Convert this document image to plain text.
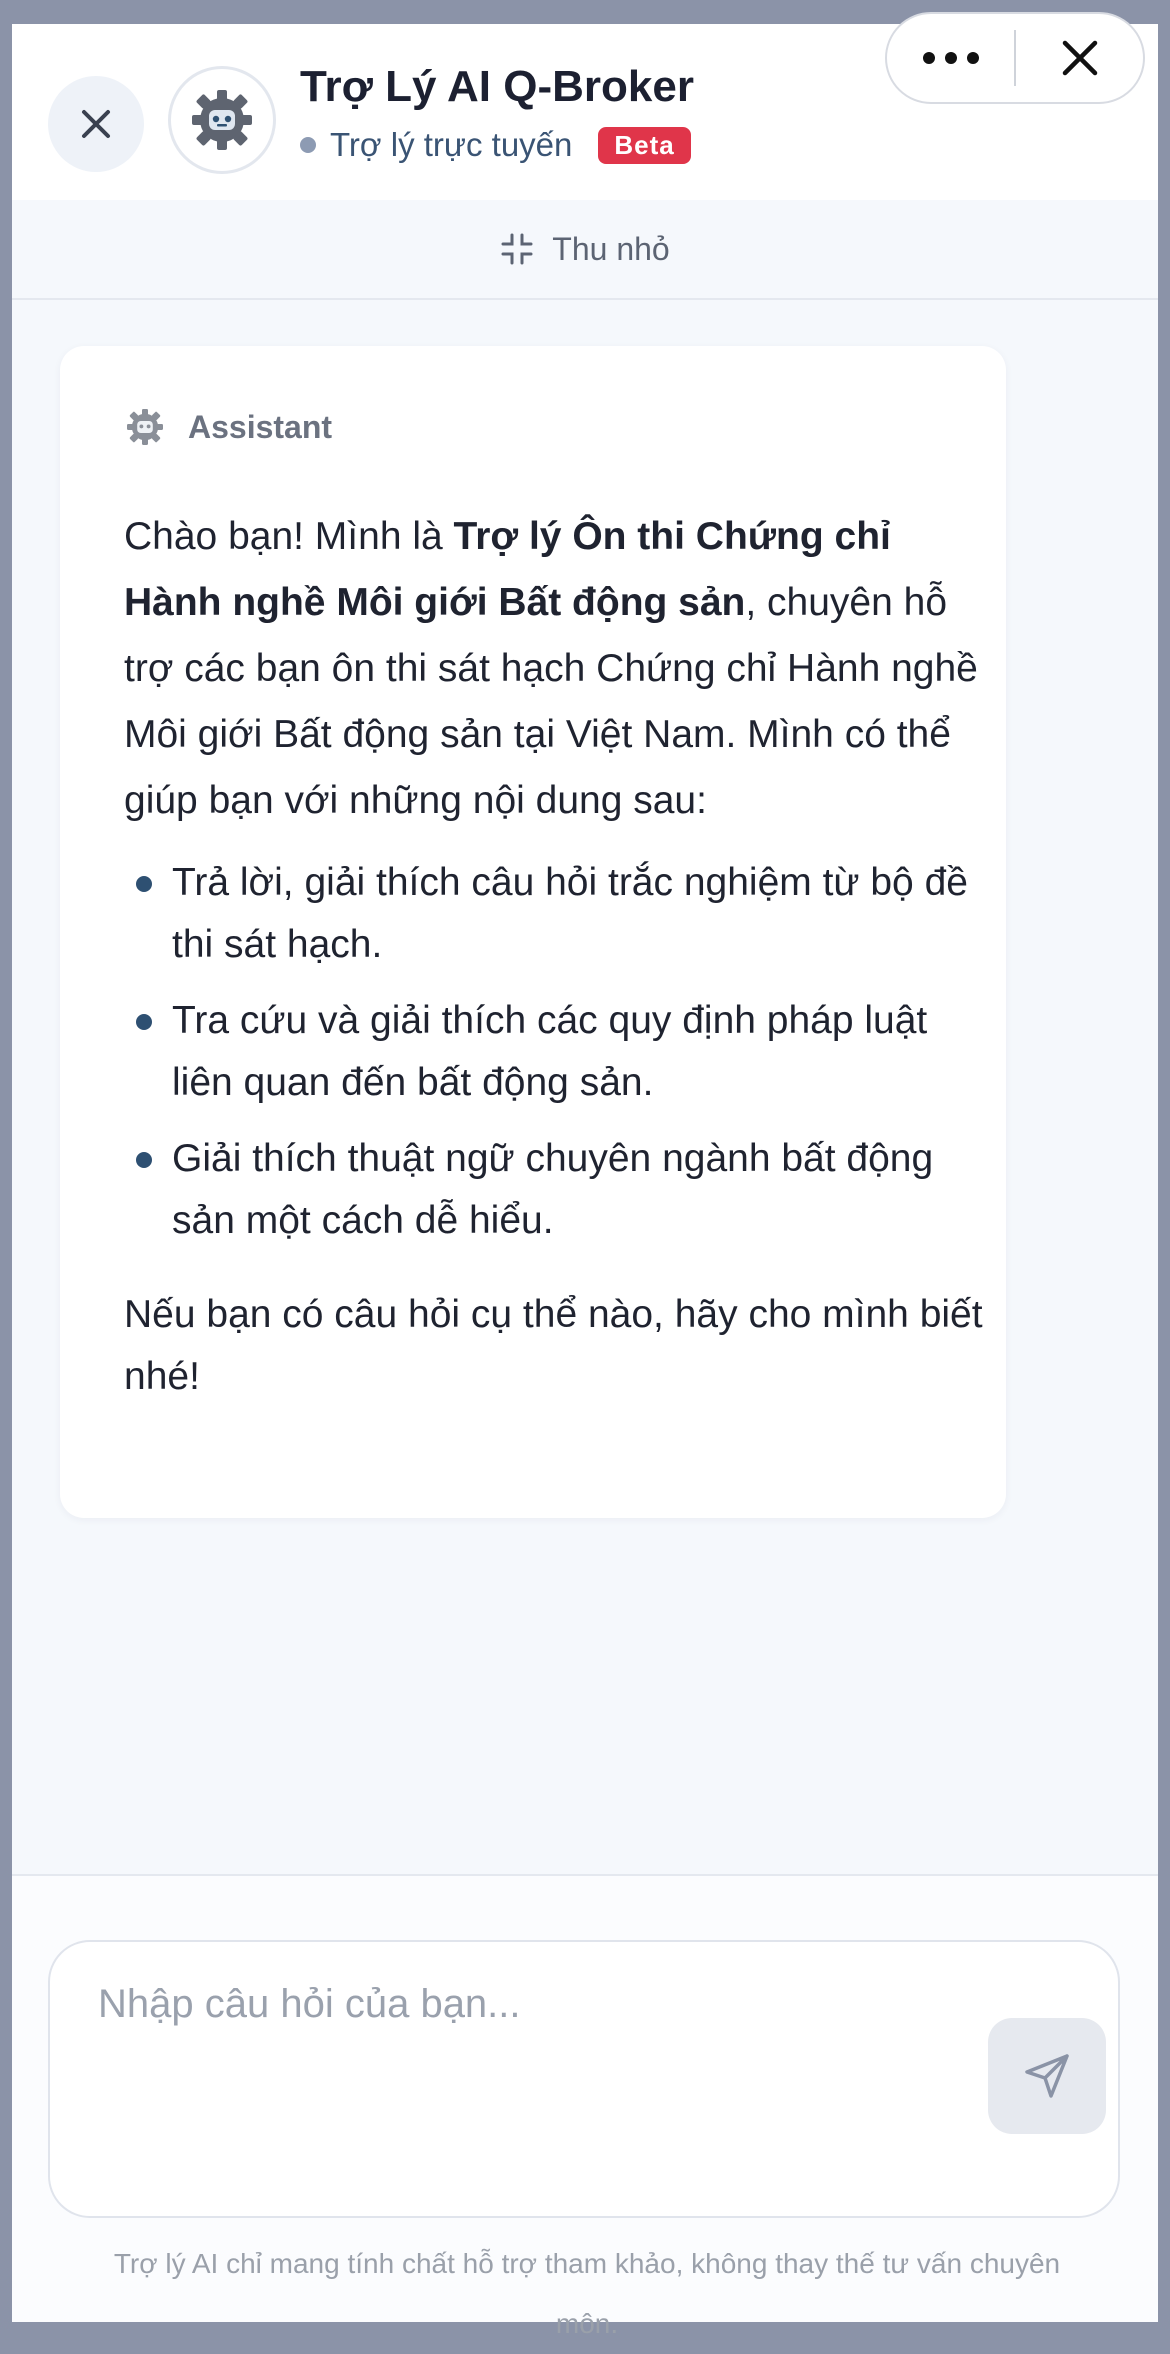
Trợ Lý AI Q-Broker
Trợ lý trực tuyến	Beta
Thu nhỏ
Assistant

Chào bạn! Mình là Trợ lý Ôn thi Chứng chỉ Hành nghề Môi giới Bất động sản, chuyên hỗ trợ các bạn ôn thi sát hạch Chứng chỉ Hành nghề Môi giới Bất động sản tại Việt Nam. Mình có thể giúp bạn với những nội dung sau:

Trả lời, giải thích câu hỏi trắc nghiệm từ bộ đề thi sát hạch.
Tra cứu và giải thích các quy định pháp luật liên quan đến bất động sản.
Giải thích thuật ngữ chuyên ngành bất động sản một cách dễ hiểu.

Nếu bạn có câu hỏi cụ thể nào, hãy cho mình biết nhé!

Nhập câu hỏi của bạn...
Trợ lý AI chỉ mang tính chất hỗ trợ tham khảo, không thay thế tư vấn chuyên môn.
